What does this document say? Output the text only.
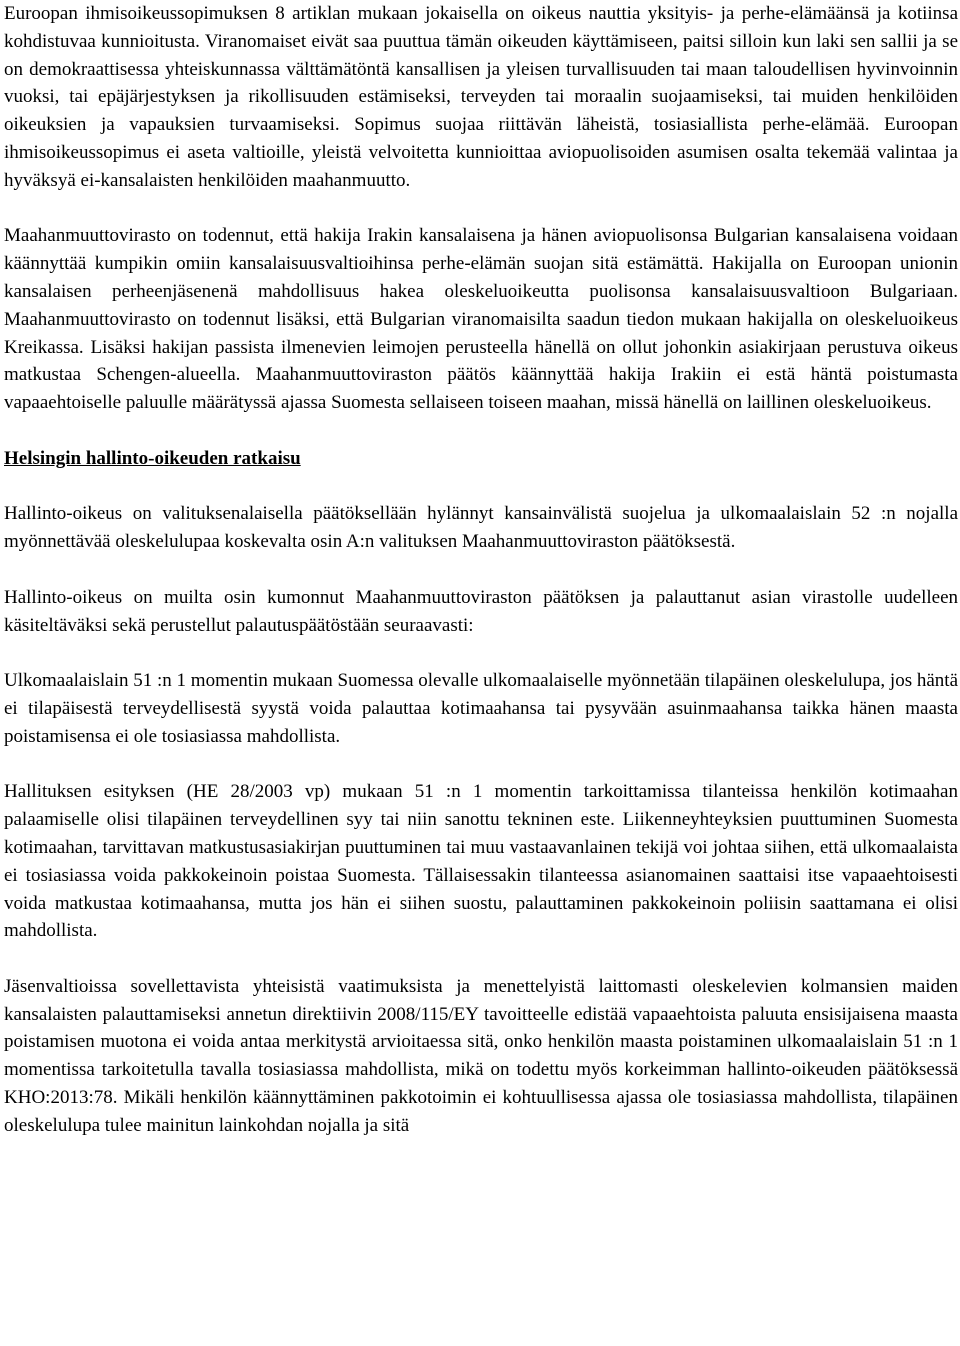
Euroopan ihmisoikeussopimuksen 8 artiklan mukaan jokaisella on oikeus nauttia yksityis- ja perhe-elämäänsä ja kotiinsa kohdistuvaa kunnioitusta. Viranomaiset eivät saa puuttua tämän oikeuden käyttämiseen, paitsi silloin kun laki sen sallii ja se on demokraattisessa yhteiskunnassa välttämätöntä kansallisen ja yleisen turvallisuuden tai maan taloudellisen hyvinvoinnin vuoksi, tai epäjärjestyksen ja rikollisuuden estämiseksi, terveyden tai moraalin suojaamiseksi, tai muiden henkilöiden oikeuksien ja vapauksien turvaamiseksi. Sopimus suojaa riittävän läheistä, tosiasiallista perhe-elämää. Euroopan ihmisoikeussopimus ei aseta valtioille, yleistä velvoitetta kunnioittaa aviopuolisoiden asumisen osalta tekemää valintaa ja hyväksyä ei-kansalaisten henkilöiden maahanmuutto.

Maahanmuuttovirasto on todennut, että hakija Irakin kansalaisena ja hänen aviopuolisonsa Bulgarian kansalaisena voidaan käännyttää kumpikin omiin kansalaisuusvaltioihinsa perhe-elämän suojan sitä estämättä. Hakijalla on Euroopan unionin kansalaisen perheenjäsenenä mahdollisuus hakea oleskeluoikeutta puolisonsa kansalaisuusvaltioon Bulgariaan. Maahanmuuttovirasto on todennut lisäksi, että Bulgarian viranomaisilta saadun tiedon mukaan hakijalla on oleskeluoikeus Kreikassa. Lisäksi hakijan passista ilmenevien leimojen perusteella hänellä on ollut johonkin asiakirjaan perustuva oikeus matkustaa Schengen-alueella. Maahanmuuttoviraston päätös käännyttää hakija Irakiin ei estä häntä poistumasta vapaaehtoiselle paluulle määrätyssä ajassa Suomesta sellaiseen toiseen maahan, missä hänellä on laillinen oleskeluoikeus.

Helsingin hallinto-oikeuden ratkaisu

Hallinto-oikeus on valituksenalaisella päätöksellään hylännyt kansainvälistä suojelua ja ulkomaalaislain 52 :n nojalla myönnettävää oleskelulupaa koskevalta osin A:n valituksen Maahanmuuttoviraston päätöksestä.

Hallinto-oikeus on muilta osin kumonnut Maahanmuuttoviraston päätöksen ja palauttanut asian virastolle uudelleen käsiteltäväksi sekä perustellut palautuspäätöstään seuraavasti:

Ulkomaalaislain 51 :n 1 momentin mukaan Suomessa olevalle ulkomaalaiselle myönnetään tilapäinen oleskelulupa, jos häntä ei tilapäisestä terveydellisestä syystä voida palauttaa kotimaahansa tai pysyvään asuinmaahansa taikka hänen maasta poistamisensa ei ole tosiasiassa mahdollista.

Hallituksen esityksen (HE 28/2003 vp) mukaan 51 :n 1 momentin tarkoittamissa tilanteissa henkilön kotimaahan palaamiselle olisi tilapäinen terveydellinen syy tai niin sanottu tekninen este. Liikenneyhteyksien puuttuminen Suomesta kotimaahan, tarvittavan matkustusasiakirjan puuttuminen tai muu vastaavanlainen tekijä voi johtaa siihen, että ulkomaalaista ei tosiasiassa voida pakkokeinoin poistaa Suomesta. Tällaisessakin tilanteessa asianomainen saattaisi itse vapaaehtoisesti voida matkustaa kotimaahansa, mutta jos hän ei siihen suostu, palauttaminen pakkokeinoin poliisin saattamana ei olisi mahdollista.

Jäsenvaltioissa sovellettavista yhteisistä vaatimuksista ja menettelyistä laittomasti oleskelevien kolmansien maiden kansalaisten palauttamiseksi annetun direktiivin 2008/115/EY tavoitteelle edistää vapaaehtoista paluuta ensisijaisena maasta poistamisen muotona ei voida antaa merkitystä arvioitaessa sitä, onko henkilön maasta poistaminen ulkomaalaislain 51 :n 1 momentissa tarkoitetulla tavalla tosiasiassa mahdollista, mikä on todettu myös korkeimman hallinto-oikeuden päätöksessä KHO:2013:78. Mikäli henkilön käännyttäminen pakkotoimin ei kohtuullisessa ajassa ole tosiasiassa mahdollista, tilapäinen oleskelulupa tulee mainitun lainkohdan nojalla ja sitä
